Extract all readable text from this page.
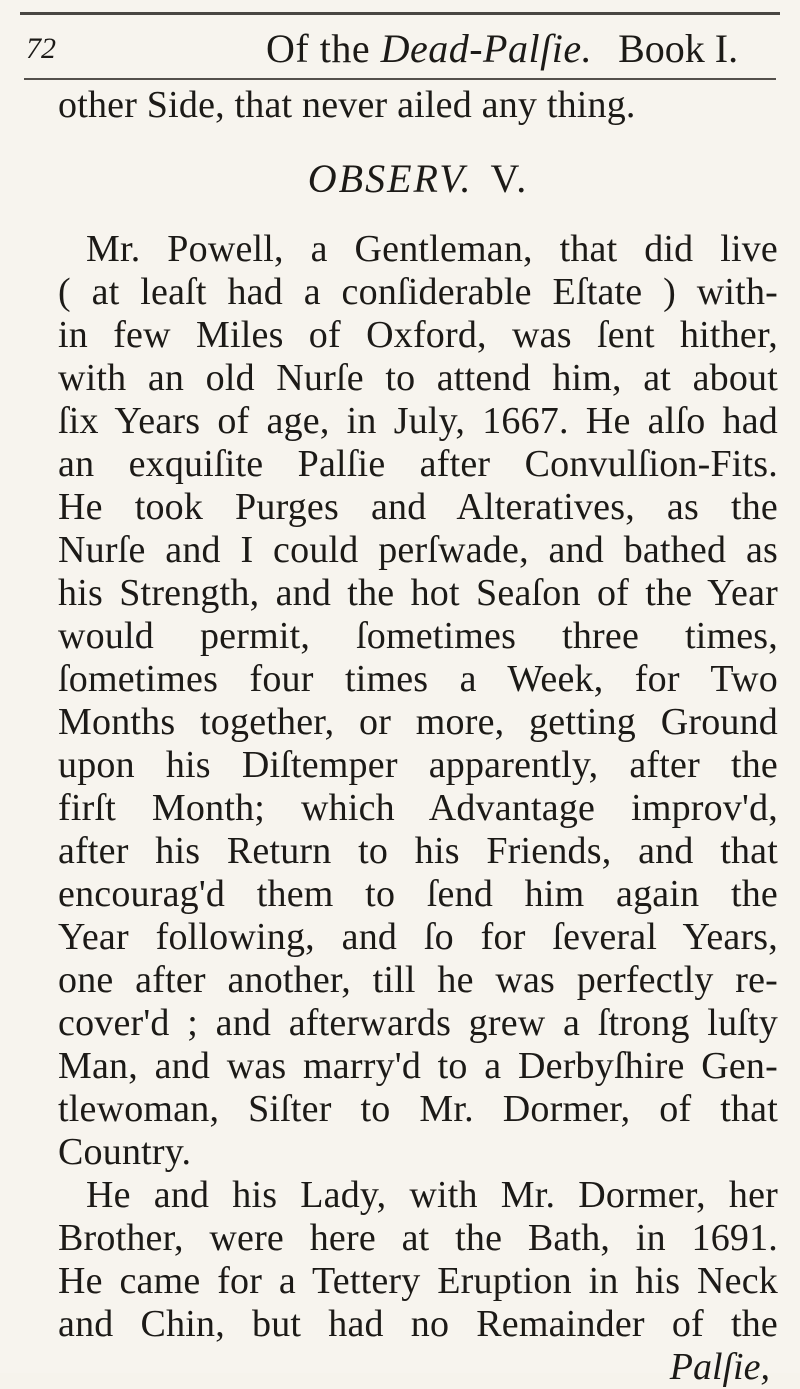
72	Of the Dead-Palſie. Book I.
other Side, that never ailed any thing.
OBSERV. V.
Mr. Powell, a Gentleman, that did live
( at leaſt had a conſiderable Eſtate ) with-
in few Miles of Oxford, was ſent hither,
with an old Nurſe to attend him, at about
ſix Years of age, in July, 1667. He alſo had
an exquiſite Palſie after Convulſion-Fits.
He took Purges and Alteratives, as the
Nurſe and I could perſwade, and bathed as
his Strength, and the hot Seaſon of the Year
would permit, ſometimes three times,
ſometimes four times a Week, for Two
Months together, or more, getting Ground
upon his Diſtemper apparently, after the
firſt Month; which Advantage improv'd,
after his Return to his Friends, and that
encourag'd them to ſend him again the
Year following, and ſo for ſeveral Years,
one after another, till he was perfectly re-
cover'd ; and afterwards grew a ſtrong luſty
Man, and was marry'd to a Derbyſhire Gen-
tlewoman, Siſter to Mr. Dormer, of that
Country.
He and his Lady, with Mr. Dormer, her
Brother, were here at the Bath, in 1691.
He came for a Tettery Eruption in his Neck
and Chin, but had no Remainder of the
Palſie,
